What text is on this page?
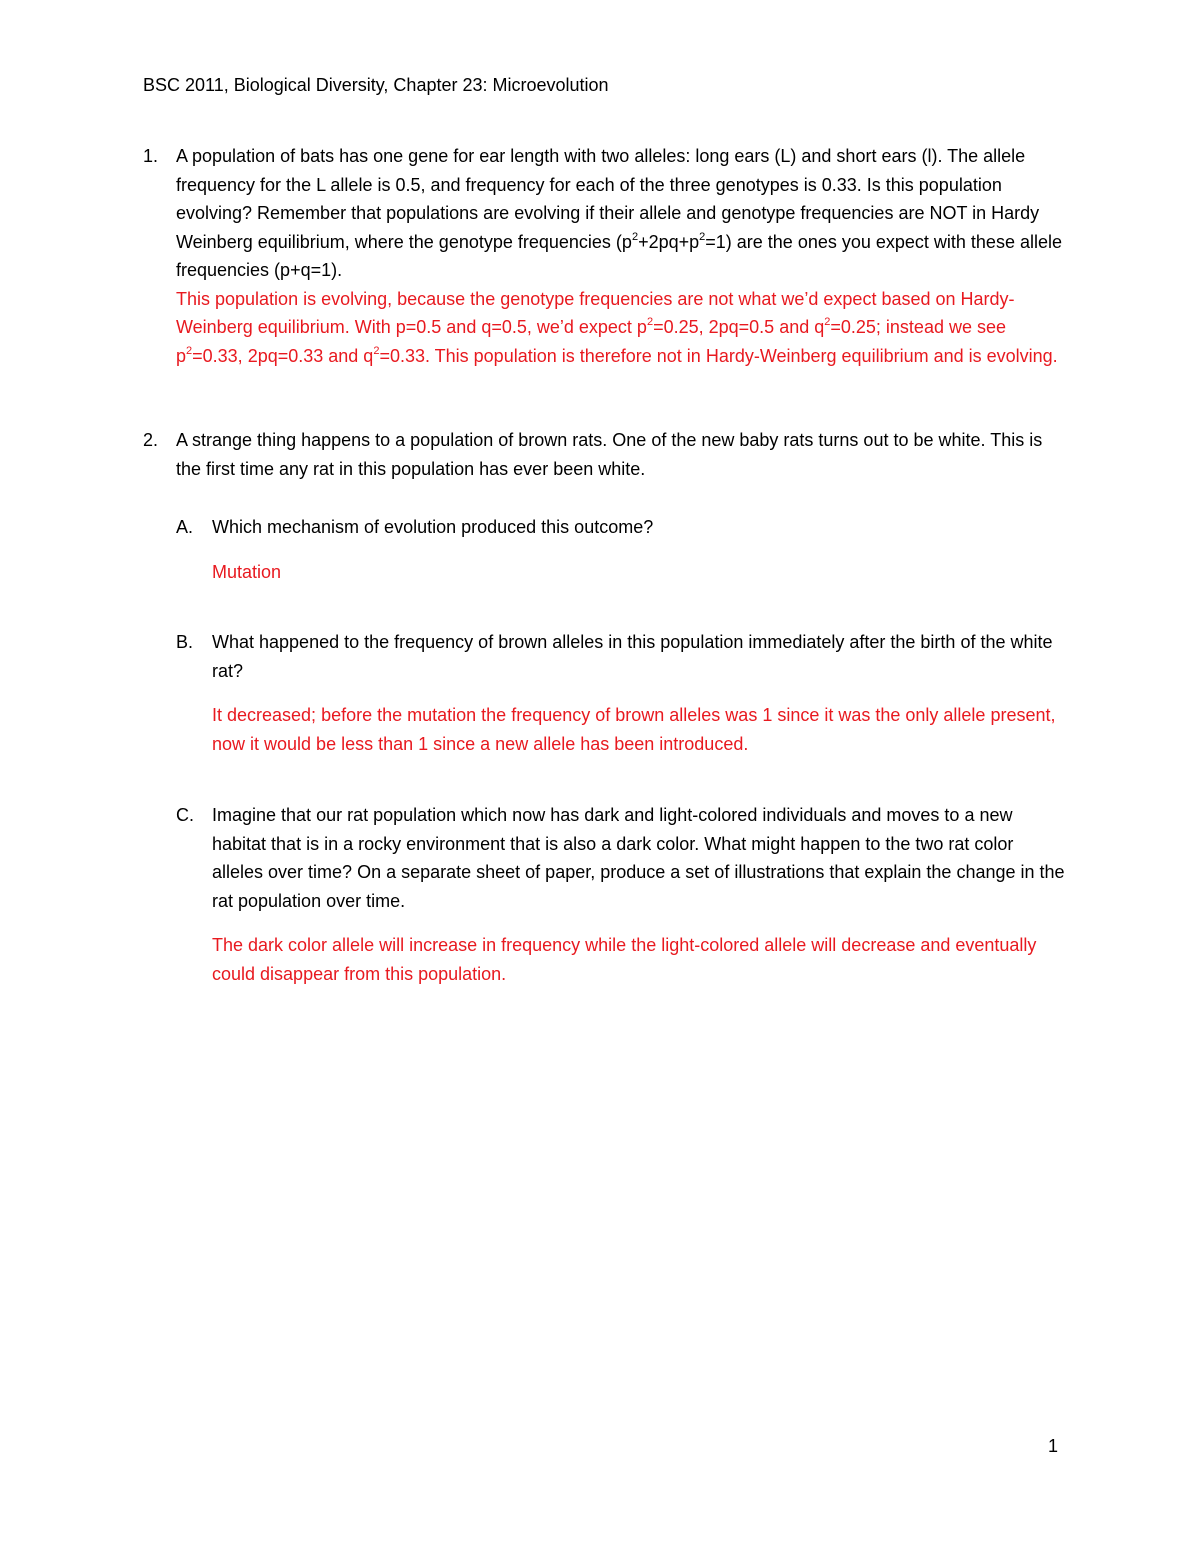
BSC 2011, Biological Diversity, Chapter 23: Microevolution
1. A population of bats has one gene for ear length with two alleles: long ears (L) and short ears (l). The allele frequency for the L allele is 0.5, and frequency for each of the three genotypes is 0.33. Is this population evolving? Remember that populations are evolving if their allele and genotype frequencies are NOT in Hardy Weinberg equilibrium, where the genotype frequencies $(p^2+2pq+p^2=1)$ are the ones you expect with these allele frequencies (p+q=1).
This population is evolving, because the genotype frequencies are not what we’d expect based on Hardy-Weinberg equilibrium. With p=0.5 and q=0.5, we’d expect $p^2=0.25$, 2pq=0.5 and $q^2=0.25$; instead we see $p^2=0.33$, 2pq=0.33 and $q^2=0.33$. This population is therefore not in Hardy-Weinberg equilibrium and is evolving.
2. A strange thing happens to a population of brown rats. One of the new baby rats turns out to be white. This is the first time any rat in this population has ever been white.
A.	Which mechanism of evolution produced this outcome?
Mutation
B.	What happened to the frequency of brown alleles in this population immediately after the birth of the white rat?
It decreased; before the mutation the frequency of brown alleles was 1 since it was the only allele present, now it would be less than 1 since a new allele has been introduced.
C.	Imagine that our rat population which now has dark and light-colored individuals and moves to a new habitat that is in a rocky environment that is also a dark color. What might happen to the two rat color alleles over time? On a separate sheet of paper, produce a set of illustrations that explain the change in the rat population over time.
The dark color allele will increase in frequency while the light-colored allele will decrease and eventually could disappear from this population.
1
